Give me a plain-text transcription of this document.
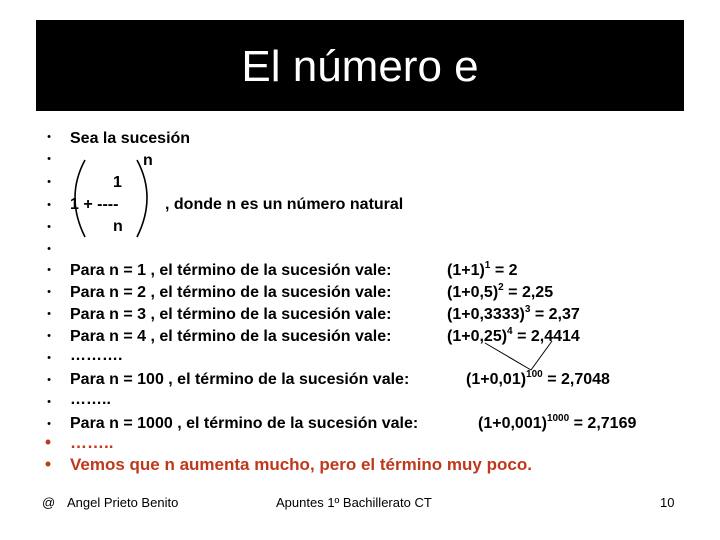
El número e
•
•
•
•
•
•
•
•
•
•
•
•
•
•
•
•
Sea la sucesión
n
1
1 + ----	, donde n es un número natural
n
Para n = 1 , el término de la sucesión vale:	$(1+1)^1 = 2$
Para n = 2 , el término de la sucesión vale:	$(1+0,5)^2 = 2,25$
Para n = 3 , el término de la sucesión vale:	$(1+0,3333)^3 = 2,37$
Para n = 4 , el término de la sucesión vale:	$(1+0,25)^4 = 2,4414$
……….
Para n = 100 , el término de la sucesión vale:	$(1+0,01)^{100} = 2,7048$
……..
Para n = 1000 , el término de la sucesión vale:	$(1+0,001)^{1000} = 2,7169$
……..
Vemos que n aumenta mucho, pero el término muy poco.
@ Angel Prieto Benito	Apuntes 1º Bachillerato CT	10
